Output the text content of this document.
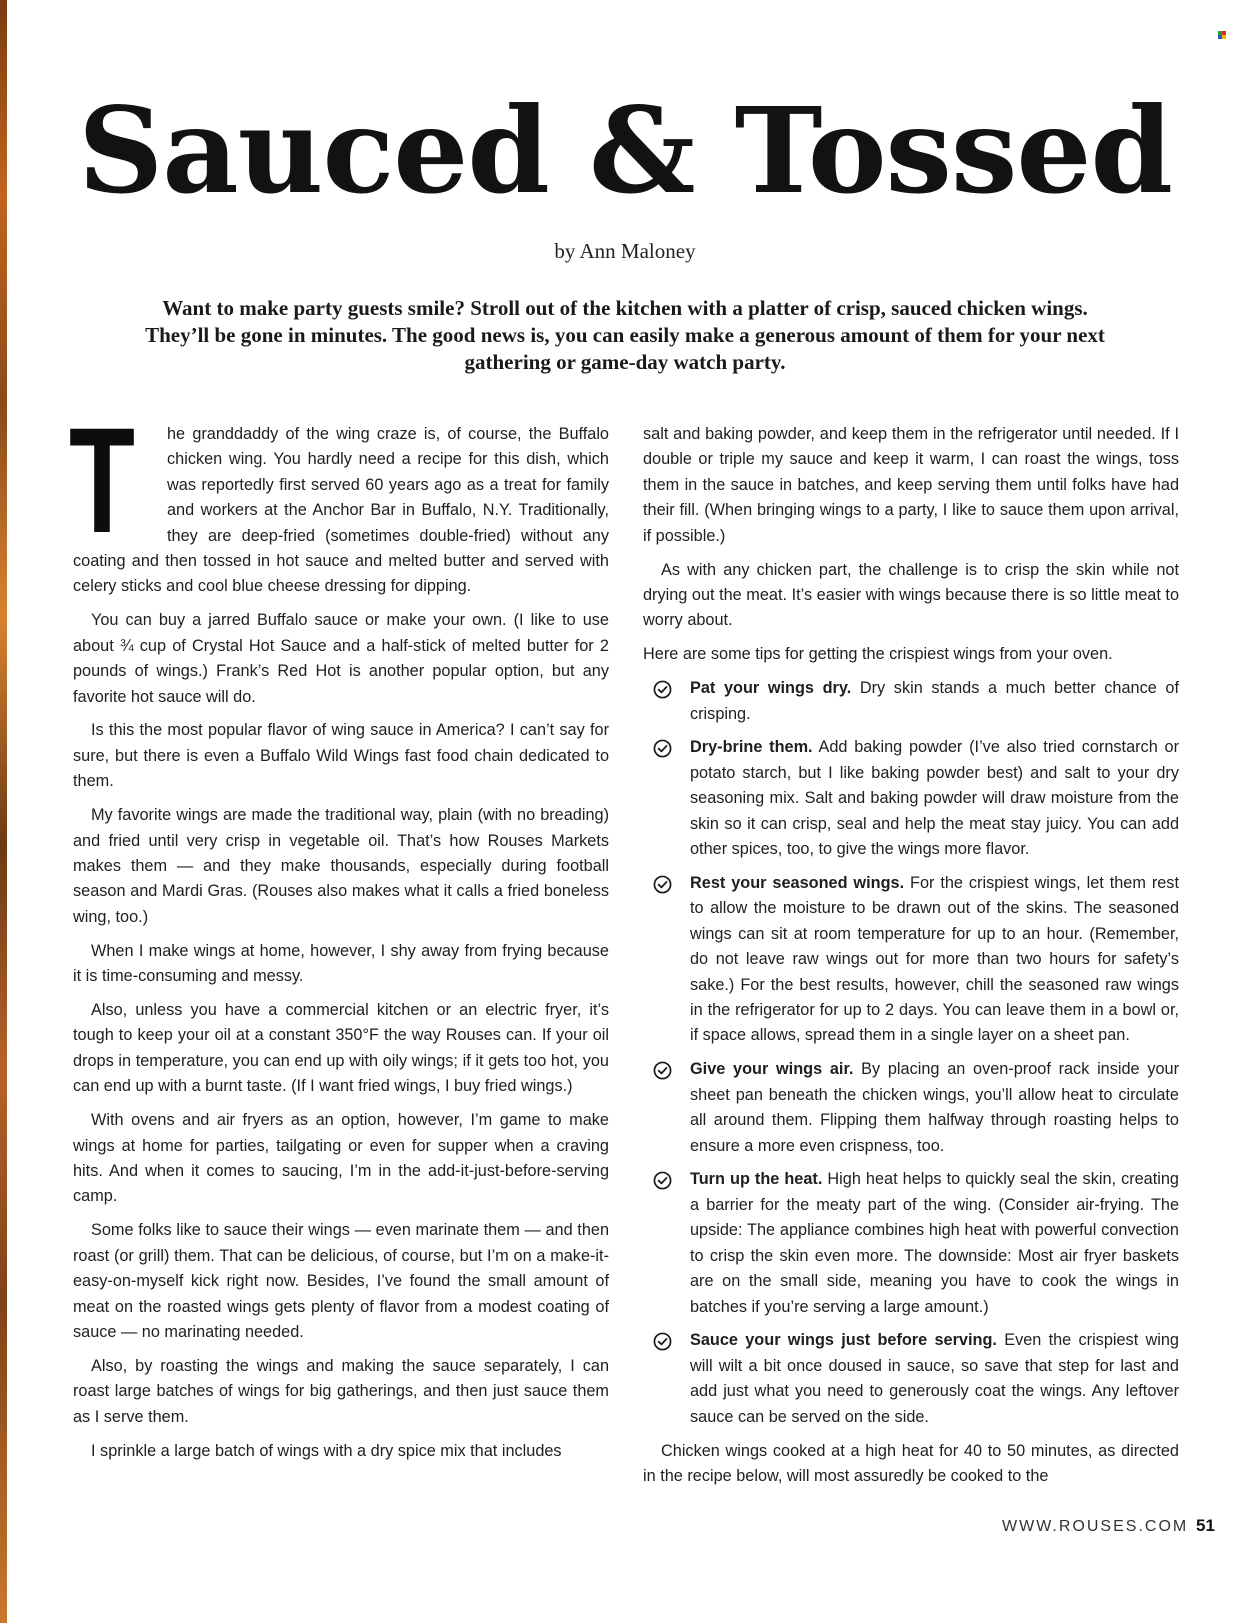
Sauced & Tossed
by Ann Maloney

Want to make party guests smile? Stroll out of the kitchen with a platter of crisp, sauced chicken wings. They’ll be gone in minutes. The good news is, you can easily make a generous amount of them for your next gathering or game-day watch party.

T he granddaddy of the wing craze is, of course, the Buffalo chicken wing. You hardly need a recipe for this dish, which was reportedly first served 60 years ago as a treat for family and workers at the Anchor Bar in Buffalo, N.Y. Traditionally, they are deep-fried (sometimes double-fried) without any coating and then tossed in hot sauce and melted butter and served with celery sticks and cool blue cheese dressing for dipping.

You can buy a jarred Buffalo sauce or make your own. (I like to use about ¾ cup of Crystal Hot Sauce and a half-stick of melted butter for 2 pounds of wings.) Frank’s Red Hot is another popular option, but any favorite hot sauce will do.

Is this the most popular flavor of wing sauce in America? I can’t say for sure, but there is even a Buffalo Wild Wings fast food chain dedicated to them.

My favorite wings are made the traditional way, plain (with no breading) and fried until very crisp in vegetable oil. That’s how Rouses Markets makes them — and they make thousands, especially during football season and Mardi Gras. (Rouses also makes what it calls a fried boneless wing, too.)

When I make wings at home, however, I shy away from frying because it is time-consuming and messy.

Also, unless you have a commercial kitchen or an electric fryer, it’s tough to keep your oil at a constant 350°F the way Rouses can. If your oil drops in temperature, you can end up with oily wings; if it gets too hot, you can end up with a burnt taste. (If I want fried wings, I buy fried wings.)

With ovens and air fryers as an option, however, I’m game to make wings at home for parties, tailgating or even for supper when a craving hits. And when it comes to saucing, I’m in the add-it-just-before-serving camp.

Some folks like to sauce their wings — even marinate them — and then roast (or grill) them. That can be delicious, of course, but I’m on a make-it-easy-on-myself kick right now. Besides, I’ve found the small amount of meat on the roasted wings gets plenty of flavor from a modest coating of sauce — no marinating needed.

Also, by roasting the wings and making the sauce separately, I can roast large batches of wings for big gatherings, and then just sauce them as I serve them.

I sprinkle a large batch of wings with a dry spice mix that includes

salt and baking powder, and keep them in the refrigerator until needed. If I double or triple my sauce and keep it warm, I can roast the wings, toss them in the sauce in batches, and keep serving them until folks have had their fill. (When bringing wings to a party, I like to sauce them upon arrival, if possible.)

As with any chicken part, the challenge is to crisp the skin while not drying out the meat. It’s easier with wings because there is so little meat to worry about.

Here are some tips for getting the crispiest wings from your oven.

Pat your wings dry. Dry skin stands a much better chance of crisping.
Dry-brine them. Add baking powder (I’ve also tried cornstarch or potato starch, but I like baking powder best) and salt to your dry seasoning mix. Salt and baking powder will draw moisture from the skin so it can crisp, seal and help the meat stay juicy. You can add other spices, too, to give the wings more flavor.
Rest your seasoned wings. For the crispiest wings, let them rest to allow the moisture to be drawn out of the skins. The seasoned wings can sit at room temperature for up to an hour. (Remember, do not leave raw wings out for more than two hours for safety’s sake.) For the best results, however, chill the seasoned raw wings in the refrigerator for up to 2 days. You can leave them in a bowl or, if space allows, spread them in a single layer on a sheet pan.
Give your wings air. By placing an oven-proof rack inside your sheet pan beneath the chicken wings, you’ll allow heat to circulate all around them. Flipping them halfway through roasting helps to ensure a more even crispness, too.
Turn up the heat. High heat helps to quickly seal the skin, creating a barrier for the meaty part of the wing. (Consider air-frying. The upside: The appliance combines high heat with powerful convection to crisp the skin even more. The downside: Most air fryer baskets are on the small side, meaning you have to cook the wings in batches if you’re serving a large amount.)
Sauce your wings just before serving. Even the crispiest wing will wilt a bit once doused in sauce, so save that step for last and add just what you need to generously coat the wings. Any leftover sauce can be served on the side.

Chicken wings cooked at a high heat for 40 to 50 minutes, as directed in the recipe below, will most assuredly be cooked to the

WWW.ROUSES.COM 51
